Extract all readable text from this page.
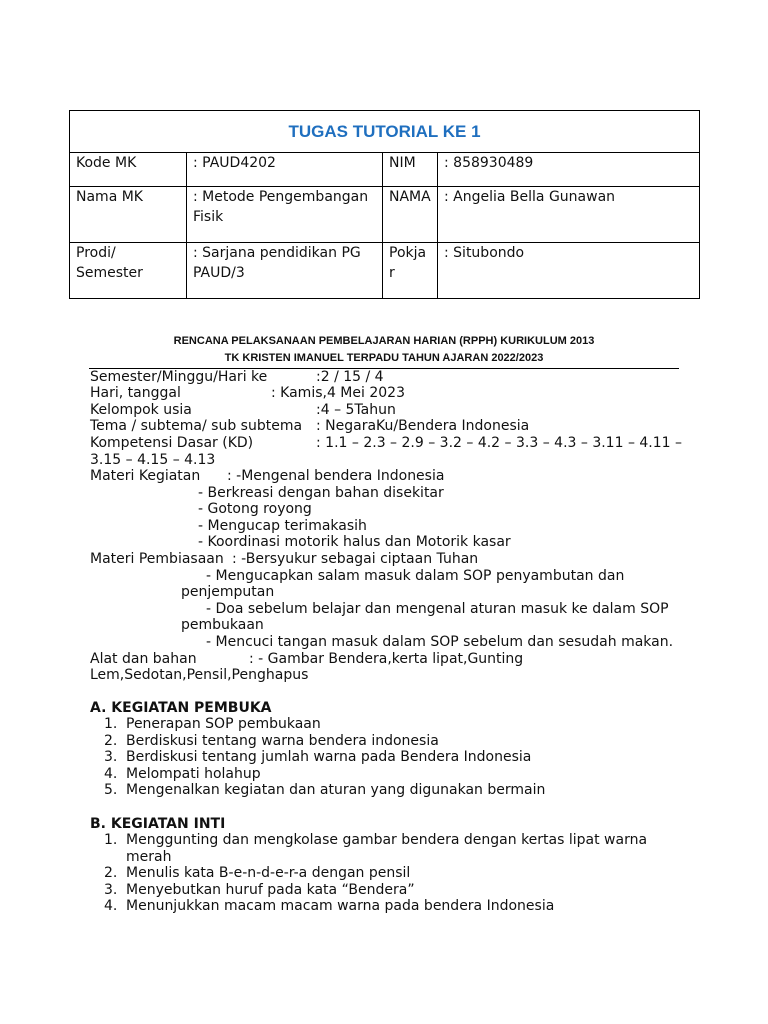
TUGAS TUTORIAL KE 1			
Kode MK	: PAUD4202	NIM	: 858930489
Nama MK	: Metode Pengembangan Fisik	NAMA	: Angelia Bella Gunawan
Prodi/ Semester	: Sarjana pendidikan PG PAUD/3	Pokjar	: Situbondo
RENCANA PELAKSANAAN PEMBELAJARAN HARIAN (RPPH) KURIKULUM 2013
TK KRISTEN IMANUEL TERPADU TAHUN AJARAN 2022/2023
Semester/Minggu/Hari ke	:2 / 15 / 4
Hari, tanggal	: Kamis,4 Mei 2023
Kelompok usia	:4 – 5Tahun
Tema / subtema/ sub subtema : NegaraKu/Bendera Indonesia
Kompetensi Dasar (KD)	: 1.1 – 2.3 – 2.9 – 3.2 – 4.2 – 3.3 – 4.3 – 3.11 – 4.11 –
3.15 – 4.15 – 4.13
Materi Kegiatan : -Mengenal bendera Indonesia
- Berkreasi dengan bahan disekitar
- Gotong royong
- Mengucap terimakasih
- Koordinasi motorik halus dan Motorik kasar
Materi Pembiasaan : -Bersyukur sebagai ciptaan Tuhan
- Mengucapkan salam masuk dalam SOP penyambutan dan
penjemputan
- Doa sebelum belajar dan mengenal aturan masuk ke dalam SOP
pembukaan
- Mencuci tangan masuk dalam SOP sebelum dan sesudah makan.
Alat dan bahan	: - Gambar Bendera,kerta lipat,Gunting
Lem,Sedotan,Pensil,Penghapus
A. KEGIATAN PEMBUKA
1. Penerapan SOP pembukaan
2. Berdiskusi tentang warna bendera indonesia
3. Berdiskusi tentang jumlah warna pada Bendera Indonesia
4. Melompati holahup
5. Mengenalkan kegiatan dan aturan yang digunakan bermain
B. KEGIATAN INTI
1. Menggunting dan mengkolase gambar bendera dengan kertas lipat warna merah
2. Menulis kata B-e-n-d-e-r-a dengan pensil
3. Menyebutkan huruf pada kata “Bendera”
4. Menunjukkan macam macam warna pada bendera Indonesia
